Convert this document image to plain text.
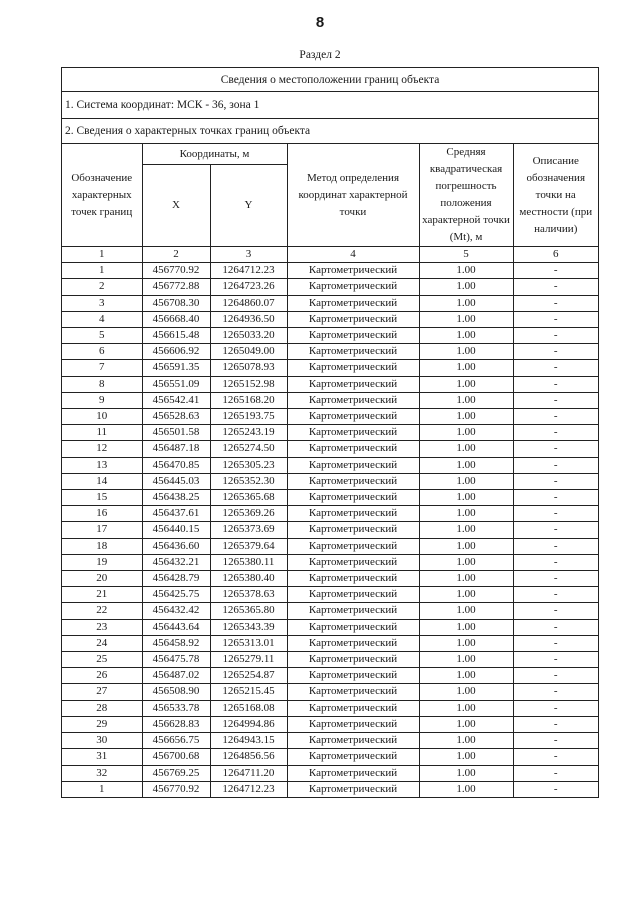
8
Раздел 2
Сведения о местоположении границ объекта
1. Система координат: МСК - 36, зона 1
2. Сведения о характерных точках границ объекта
Обозначение характерных точек границ	Координаты, м		Метод определения координат характерной точки	Средняя квадратическая погрешность положения характерной точки (Mt), м	Описание обозначения точки на местности (при наличии)
	X	Y			
1	2	3	4	5	6
1	456770.92	1264712.23	Картометрический	1.00	-
2	456772.88	1264723.26	Картометрический	1.00	-
3	456708.30	1264860.07	Картометрический	1.00	-
4	456668.40	1264936.50	Картометрический	1.00	-
5	456615.48	1265033.20	Картометрический	1.00	-
6	456606.92	1265049.00	Картометрический	1.00	-
7	456591.35	1265078.93	Картометрический	1.00	-
8	456551.09	1265152.98	Картометрический	1.00	-
9	456542.41	1265168.20	Картометрический	1.00	-
10	456528.63	1265193.75	Картометрический	1.00	-
11	456501.58	1265243.19	Картометрический	1.00	-
12	456487.18	1265274.50	Картометрический	1.00	-
13	456470.85	1265305.23	Картометрический	1.00	-
14	456445.03	1265352.30	Картометрический	1.00	-
15	456438.25	1265365.68	Картометрический	1.00	-
16	456437.61	1265369.26	Картометрический	1.00	-
17	456440.15	1265373.69	Картометрический	1.00	-
18	456436.60	1265379.64	Картометрический	1.00	-
19	456432.21	1265380.11	Картометрический	1.00	-
20	456428.79	1265380.40	Картометрический	1.00	-
21	456425.75	1265378.63	Картометрический	1.00	-
22	456432.42	1265365.80	Картометрический	1.00	-
23	456443.64	1265343.39	Картометрический	1.00	-
24	456458.92	1265313.01	Картометрический	1.00	-
25	456475.78	1265279.11	Картометрический	1.00	-
26	456487.02	1265254.87	Картометрический	1.00	-
27	456508.90	1265215.45	Картометрический	1.00	-
28	456533.78	1265168.08	Картометрический	1.00	-
29	456628.83	1264994.86	Картометрический	1.00	-
30	456656.75	1264943.15	Картометрический	1.00	-
31	456700.68	1264856.56	Картометрический	1.00	-
32	456769.25	1264711.20	Картометрический	1.00	-
1	456770.92	1264712.23	Картометрический	1.00	-
